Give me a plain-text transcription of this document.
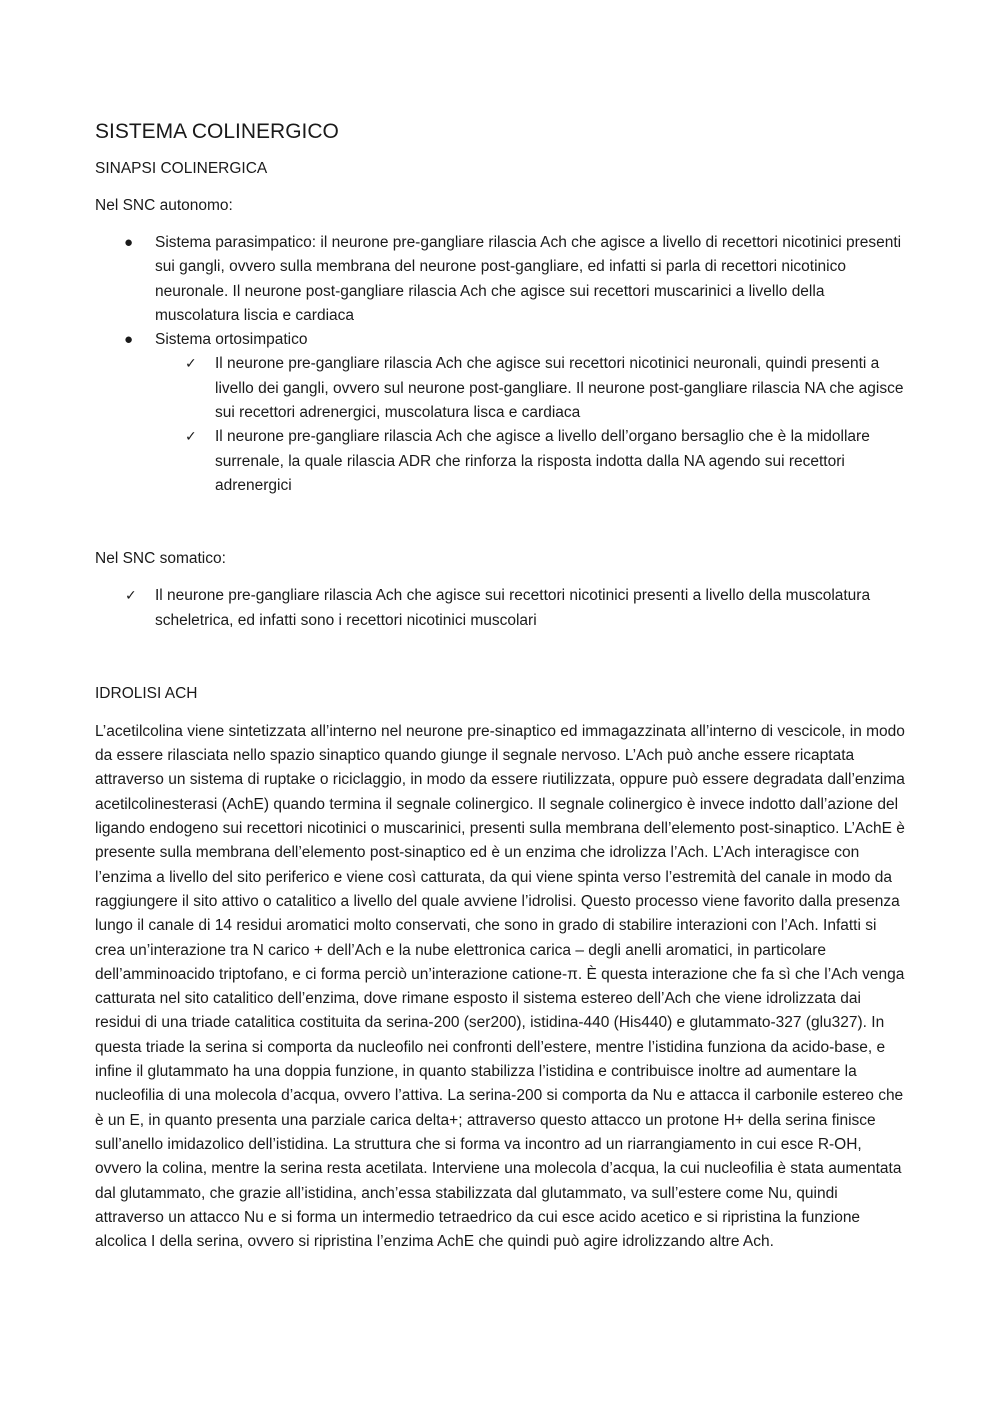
SISTEMA COLINERGICO

SINAPSI COLINERGICA

Nel SNC autonomo:

● Sistema parasimpatico: il neurone pre-gangliare rilascia Ach che agisce a livello di recettori nicotinici presenti sui gangli, ovvero sulla membrana del neurone post-gangliare, ed infatti si parla di recettori nicotinico neuronale. Il neurone post-gangliare rilascia Ach che agisce sui recettori muscarinici a livello della muscolatura liscia e cardiaca
● Sistema ortosimpatico
✓ Il neurone pre-gangliare rilascia Ach che agisce sui recettori nicotinici neuronali, quindi presenti a livello dei gangli, ovvero sul neurone post-gangliare. Il neurone post-gangliare rilascia NA che agisce sui recettori adrenergici, muscolatura lisca e cardiaca
✓ Il neurone pre-gangliare rilascia Ach che agisce a livello dell’organo bersaglio che è la midollare surrenale, la quale rilascia ADR che rinforza la risposta indotta dalla NA agendo sui recettori adrenergici

Nel SNC somatico:

✓ Il neurone pre-gangliare rilascia Ach che agisce sui recettori nicotinici presenti a livello della muscolatura scheletrica, ed infatti sono i recettori nicotinici muscolari

IDROLISI ACH

L’acetilcolina viene sintetizzata all’interno nel neurone pre-sinaptico ed immagazzinata all’interno di vescicole, in modo da essere rilasciata nello spazio sinaptico quando giunge il segnale nervoso. L’Ach può anche essere ricaptata attraverso un sistema di ruptake o riciclaggio, in modo da essere riutilizzata, oppure può essere degradata dall’enzima acetilcolinesterasi (AchE) quando termina il segnale colinergico. Il segnale colinergico è invece indotto dall’azione del ligando endogeno sui recettori nicotinici o muscarinici, presenti sulla membrana dell’elemento post-sinaptico. L’AchE è presente sulla membrana dell’elemento post-sinaptico ed è un enzima che idrolizza l’Ach. L’Ach interagisce con l’enzima a livello del sito periferico e viene così catturata, da qui viene spinta verso l’estremità del canale in modo da raggiungere il sito attivo o catalitico a livello del quale avviene l’idrolisi. Questo processo viene favorito dalla presenza lungo il canale di 14 residui aromatici molto conservati, che sono in grado di stabilire interazioni con l’Ach. Infatti si crea un’interazione tra N carico + dell’Ach e la nube elettronica carica – degli anelli aromatici, in particolare dell’amminoacido triptofano, e ci forma perciò un’interazione catione-π. È questa interazione che fa sì che l’Ach venga catturata nel sito catalitico dell’enzima, dove rimane esposto il sistema estereo dell’Ach che viene idrolizzata dai residui di una triade catalitica costituita da serina-200 (ser200), istidina-440 (His440) e glutammato-327 (glu327). In questa triade la serina si comporta da nucleofilo nei confronti dell’estere, mentre l’istidina funziona da acido-base, e infine il glutammato ha una doppia funzione, in quanto stabilizza l’istidina e contribuisce inoltre ad aumentare la nucleofilia di una molecola d’acqua, ovvero l’attiva. La serina-200 si comporta da Nu e attacca il carbonile estereo che è un E, in quanto presenta una parziale carica delta+; attraverso questo attacco un protone H+ della serina finisce sull’anello imidazolico dell’istidina. La struttura che si forma va incontro ad un riarrangiamento in cui esce R-OH, ovvero la colina, mentre la serina resta acetilata. Interviene una molecola d’acqua, la cui nucleofilia è stata aumentata dal glutammato, che grazie all’istidina, anch’essa stabilizzata dal glutammato, va sull’estere come Nu, quindi attraverso un attacco Nu e si forma un intermedio tetraedrico da cui esce acido acetico e si ripristina la funzione alcolica I della serina, ovvero si ripristina l’enzima AchE che quindi può agire idrolizzando altre Ach.
